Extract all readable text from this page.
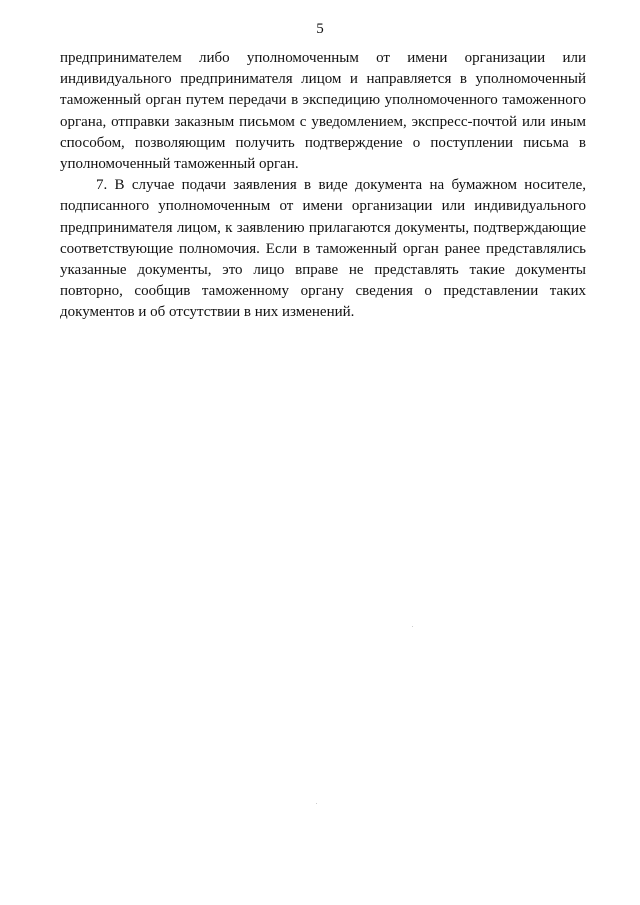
5

предпринимателем либо уполномоченным от имени организации или индивидуального предпринимателя лицом и направляется в уполномоченный таможенный орган путем передачи в экспедицию уполномоченного таможенного органа, отправки заказным письмом с уведомлением, экспресс-почтой или иным способом, позволяющим получить подтверждение о поступлении письма в уполномоченный таможенный орган.

7. В случае подачи заявления в виде документа на бумажном носителе, подписанного уполномоченным от имени организации или индивидуального предпринимателя лицом, к заявлению прилагаются документы, подтверждающие соответствующие полномочия. Если в таможенный орган ранее представлялись указанные документы, это лицо вправе не представлять такие документы повторно, сообщив таможенному органу сведения о представлении таких документов и об отсутствии в них изменений.
